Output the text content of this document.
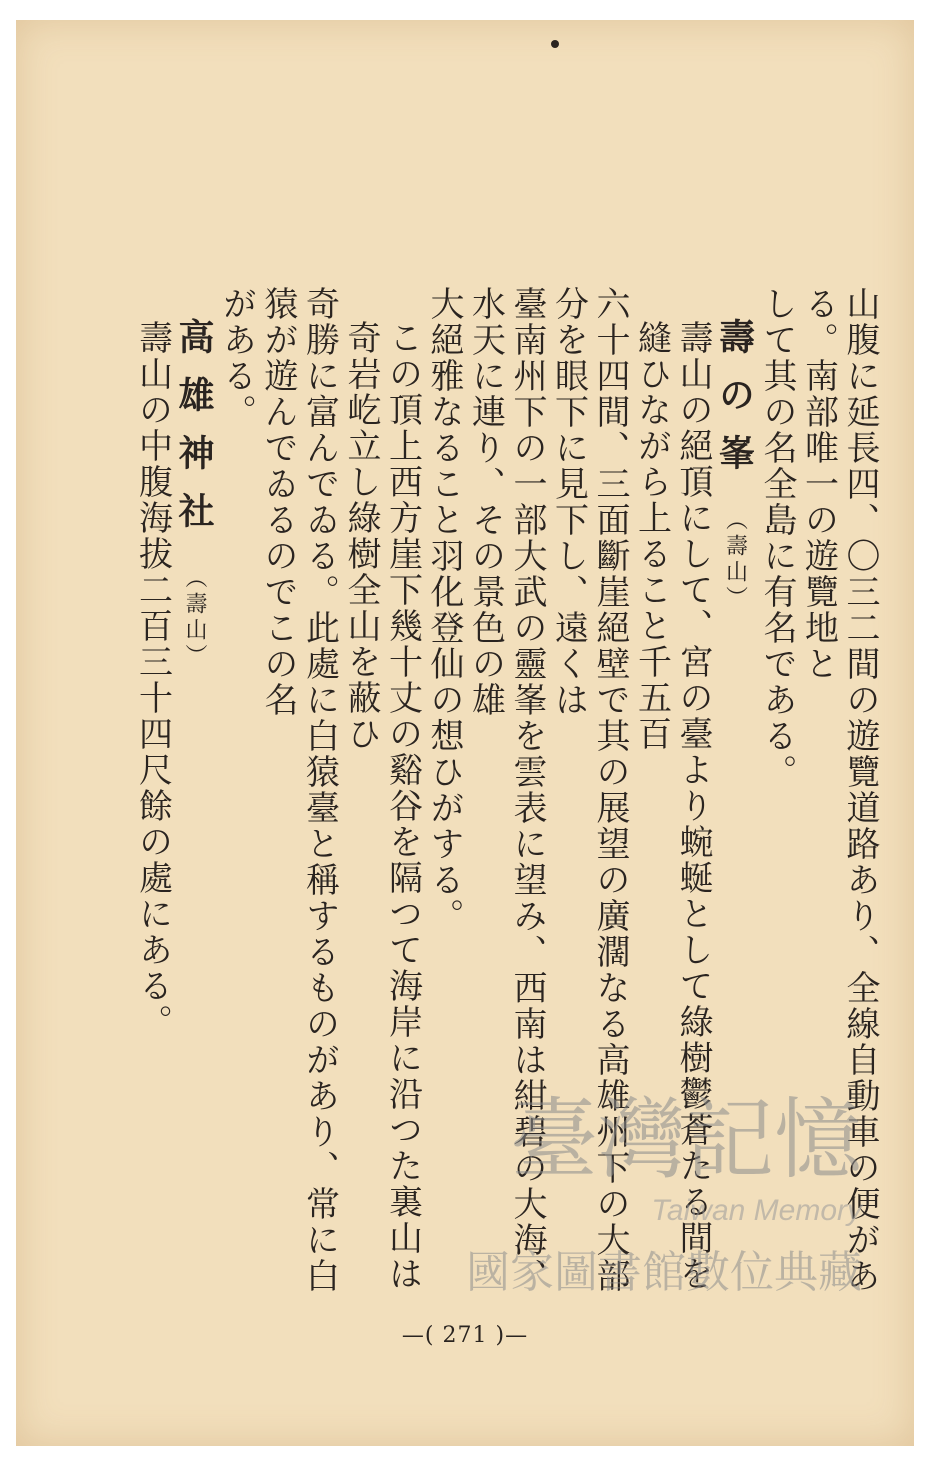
山腹に延長四、〇三二間の遊覽道路あり、全線自動車の便がある。南部唯一の遊覽地と
して其の名全島に有名である。
壽の峯（壽山）
壽山の絕頂にして、宮の臺より蜿蜒として綠樹鬱蒼たる間を縫ひながら上ること千五百
六十四間、三面斷崖絕壁で其の展望の廣濶なる高雄州下の大部分を眼下に見下し、遠くは
臺南州下の一部大武の靈峯を雲表に望み、西南は紺碧の大海、水天に連り、その景色の雄
大絕雅なること羽化登仙の想ひがする。
この頂上西方崖下幾十丈の谿谷を隔つて海岸に沿つた裏山は奇岩屹立し綠樹全山を蔽ひ
奇勝に富んでゐる。此處に白猿臺と稱するものがあり、常に白猿が遊んでゐるのでこの名
がある。
高雄神社（壽山）
壽山の中腹海拔二百三十四尺餘の處にある。
—( 271 )—
臺灣記憶
Taiwan Memory
國家圖書館數位典藏
